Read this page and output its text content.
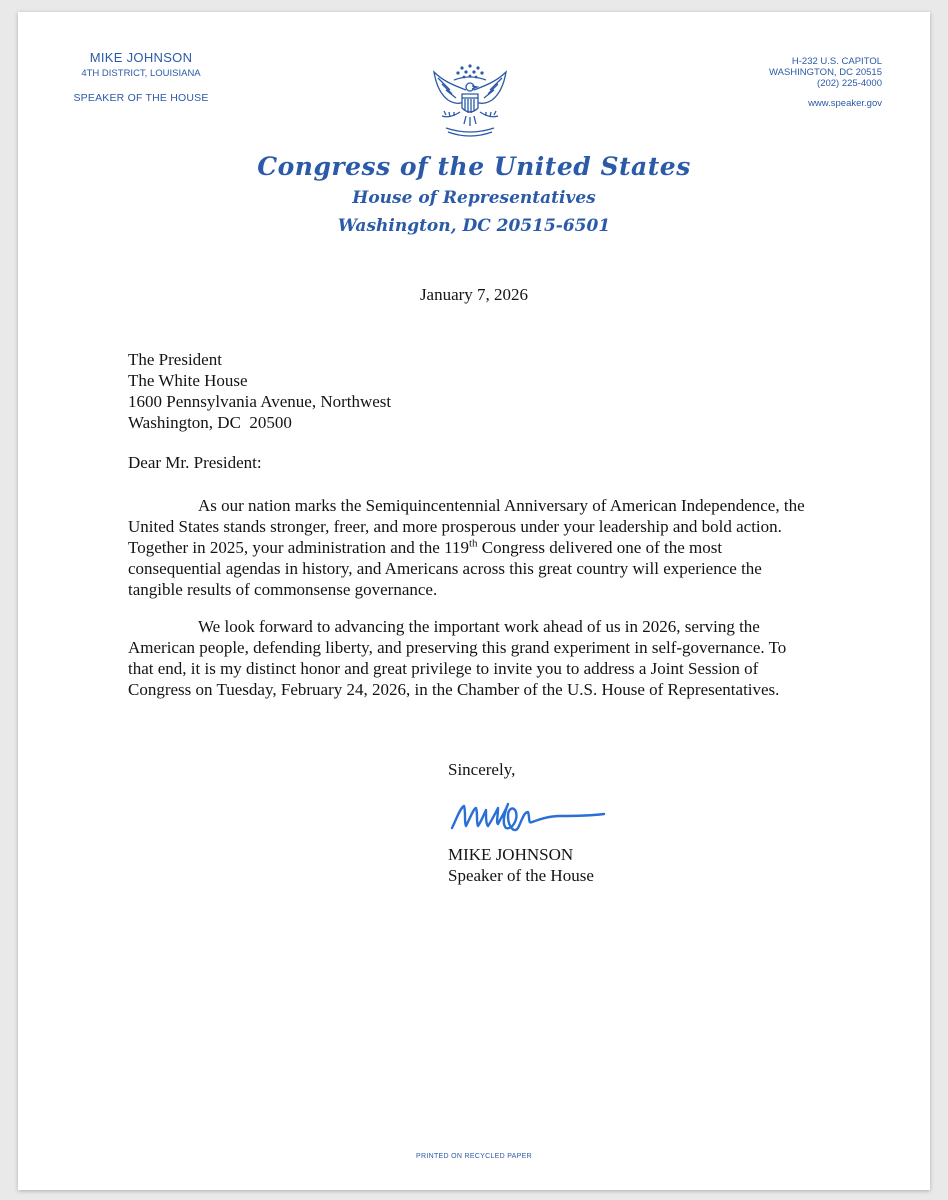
MIKE JOHNSON
4TH DISTRICT, LOUISIANA
SPEAKER OF THE HOUSE
H-232 U.S. CAPITOL
WASHINGTON, DC 20515
(202) 225-4000
www.speaker.gov
Congress of the United States
House of Representatives
Washington, DC 20515-6501
January 7, 2026
The President
The White House
1600 Pennsylvania Avenue, Northwest
Washington, DC  20500
Dear Mr. President:
As our nation marks the Semiquincentennial Anniversary of American Independence, the
United States stands stronger, freer, and more prosperous under your leadership and bold action.
Together in 2025, your administration and the 119th Congress delivered one of the most
consequential agendas in history, and Americans across this great country will experience the
tangible results of commonsense governance.
We look forward to advancing the important work ahead of us in 2026, serving the
American people, defending liberty, and preserving this grand experiment in self-governance. To
that end, it is my distinct honor and great privilege to invite you to address a Joint Session of
Congress on Tuesday, February 24, 2026, in the Chamber of the U.S. House of Representatives.
Sincerely,
MIKE JOHNSON
Speaker of the House
PRINTED ON RECYCLED PAPER
